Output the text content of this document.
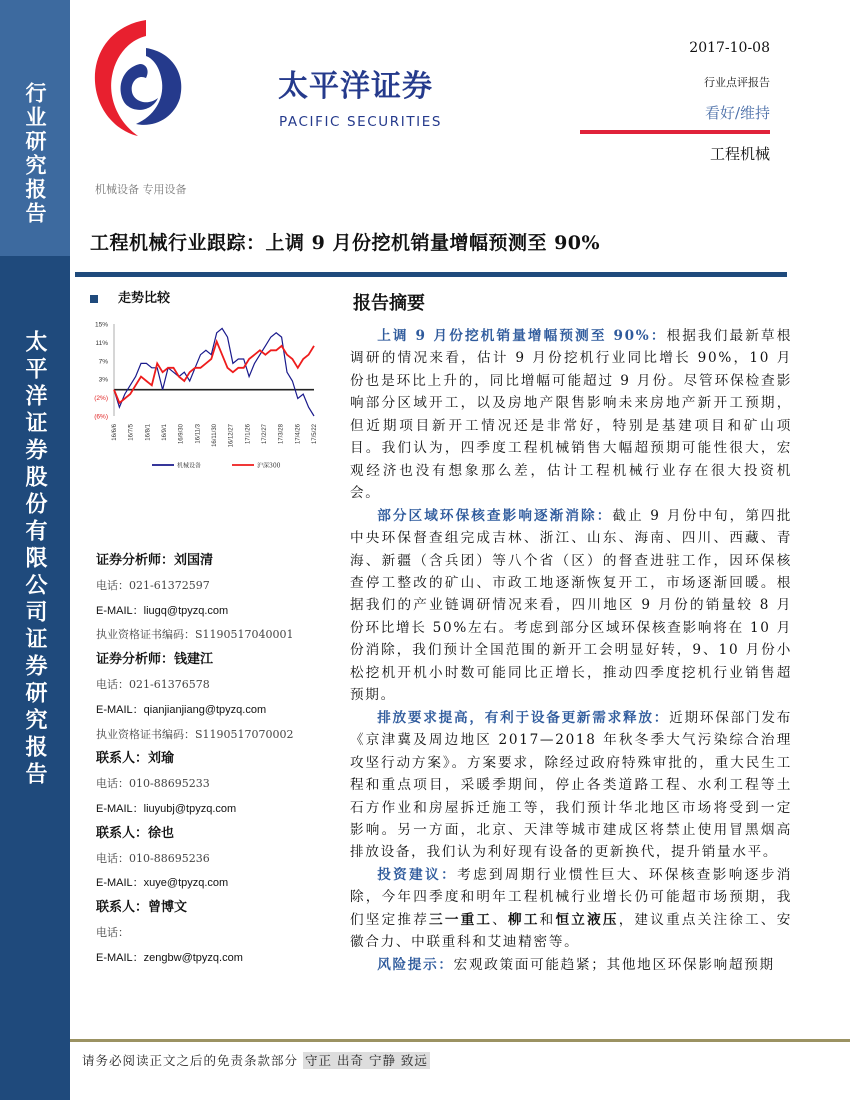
行业研究报告
太平洋证券股份有限公司证券研究报告
太平洋证券
PACIFIC SECURITIES
2017-10-08
行业点评报告
看好/维持
工程机械
机械设备 专用设备
工程机械行业跟踪：上调 9 月份挖机销量增幅预测至 90%
走势比较
15%
11%
7%
3%
(2%)
(6%)
16/6/6 16/7/5 16/8/1 16/9/1 16/9/30 16/11/3 16/11/30 16/12/27 17/1/26 17/2/27 17/3/28 17/4/26 17/5/22
机械设备	沪深300
报告摘要

上调 9 月份挖机销量增幅预测至 90%：根据我们最新草根调研的情况来看，估计 9 月份挖机行业同比增长 90%，10 月份也是环比上升的，同比增幅可能超过 9 月份。尽管环保检查影响部分区域开工，以及房地产限售影响未来房地产新开工预期，但近期项目新开工情况还是非常好，特别是基建项目和矿山项目。我们认为，四季度工程机械销售大幅超预期可能性很大，宏观经济也没有想象那么差，估计工程机械行业存在很大投资机会。

部分区域环保核查影响逐渐消除：截止 9 月份中旬，第四批中央环保督查组完成吉林、浙江、山东、海南、四川、西藏、青海、新疆（含兵团）等八个省（区）的督查进驻工作，因环保核查停工整改的矿山、市政工地逐渐恢复开工，市场逐渐回暖。根据我们的产业链调研情况来看，四川地区 9 月份的销量较 8 月份环比增长 50%左右。考虑到部分区域环保核查影响将在 10 月份消除，我们预计全国范围的新开工会明显好转，9、10 月份小松挖机开机小时数可能同比正增长，推动四季度挖机行业销售超预期。

排放要求提高，有利于设备更新需求释放：近期环保部门发布《京津冀及周边地区 2017—2018 年秋冬季大气污染综合治理攻坚行动方案》。方案要求，除经过政府特殊审批的，重大民生工程和重点项目，采暖季期间，停止各类道路工程、水利工程等土石方作业和房屋拆迁施工等，我们预计华北地区市场将受到一定影响。另一方面，北京、天津等城市建成区将禁止使用冒黑烟高排放设备，我们认为利好现有设备的更新换代，提升销量水平。

投资建议：考虑到周期行业惯性巨大、环保核查影响逐步消除，今年四季度和明年工程机械行业增长仍可能超市场预期，我们坚定推荐三一重工、柳工和恒立液压，建议重点关注徐工、安徽合力、中联重科和艾迪精密等。

风险提示：宏观政策面可能趋紧；其他地区环保影响超预期

证券分析师：刘国清
电话：021-61372597
E-MAIL：liugq@tpyzq.com
执业资格证书编码：S1190517040001
证券分析师：钱建江
电话：021-61376578
E-MAIL：qianjianjiang@tpyzq.com
执业资格证书编码：S1190517070002
联系人：刘瑜
电话：010-88695233
E-MAIL：liuyubj@tpyzq.com
联系人：徐也
电话：010-88695236
E-MAIL：xuye@tpyzq.com
联系人：曾博文
电话：
E-MAIL：zengbw@tpyzq.com
请务必阅读正文之后的免责条款部分 守正 出奇 宁静 致远
